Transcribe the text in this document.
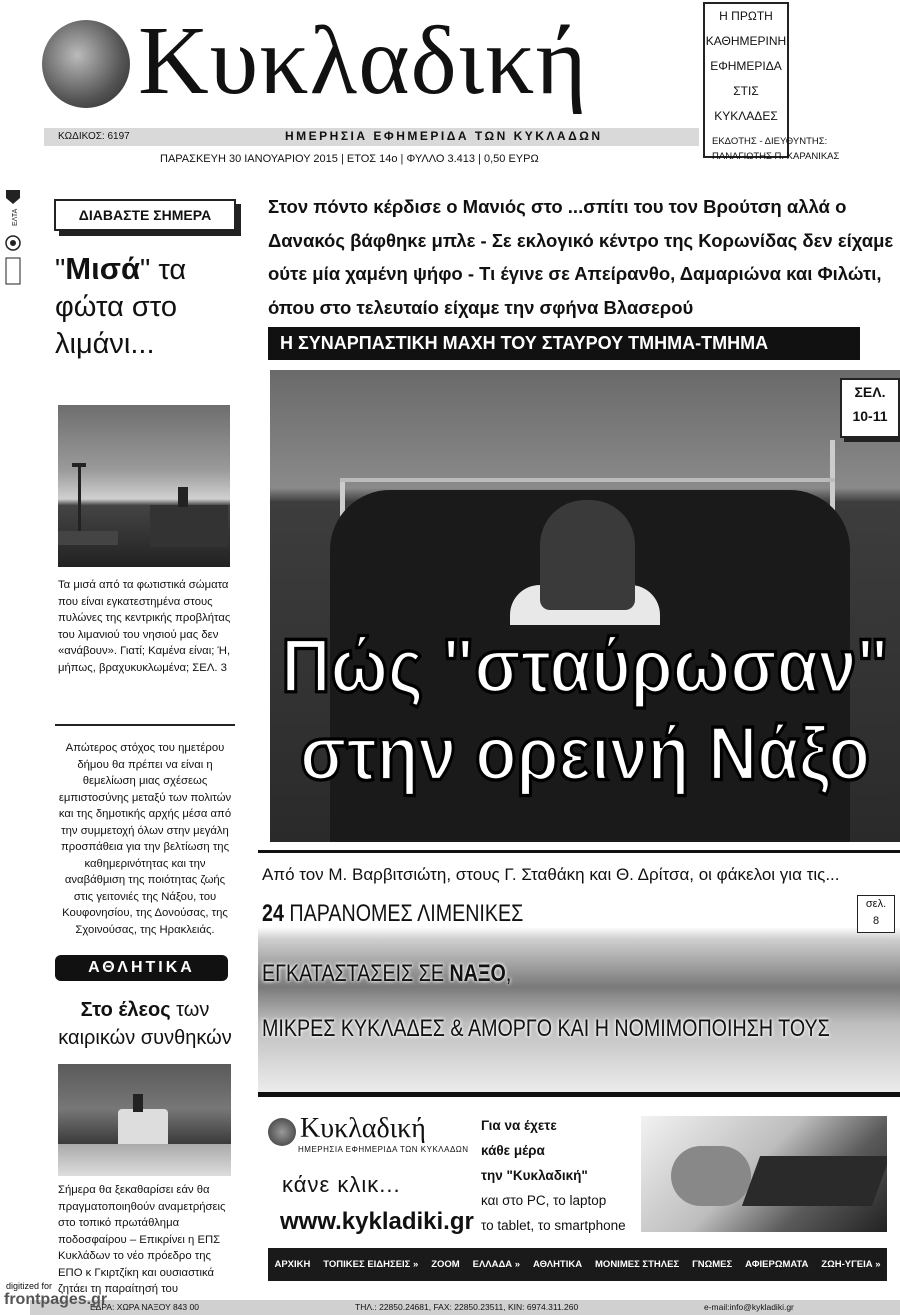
Κυκλαδική	Η ΠΡΩΤΗ
ΚΑΘΗΜΕΡΙΝΗ
ΕΦΗΜΕΡΙΔΑ
ΣΤΙΣ
ΚΥΚΛΑΔΕΣ
ΚΩΔΙΚΟΣ: 6197	ΗΜΕΡΗΣΙΑ ΕΦΗΜΕΡΙΔΑ ΤΩΝ ΚΥΚΛΑΔΩΝ
ΠΑΡΑΣΚΕΥΗ 30 ΙΑΝΟΥΑΡΙΟΥ 2015 | ΕΤΟΣ 14ο | ΦΥΛΛΟ 3.413 | 0,50 ΕΥΡΩ
ΕΚΔΟΤΗΣ - ΔΙΕΥΘΥΝΤΗΣ:
ΠΑΝΑΓΙΩΤΗΣ Π. ΚΑΡΑΝΙΚΑΣ
ΕΛΤΑ	ΔΙΑΒΑΣΤΕ ΣΗΜΕΡΑ
"Μισά" τα φώτα στο λιμάνι...
Τα μισά από τα φωτιστικά σώματα που είναι εγκατεστημένα στους πυλώνες της κεντρικής προβλήτας του λιμανιού του νησιού μας δεν «ανάβουν». Γιατί; Καμένα είναι; Ή, μήπως, βραχυκυκλωμένα; ΣΕΛ. 3
Απώτερος στόχος του ημετέρου δήμου θα πρέπει να είναι η θεμελίωση μιας σχέσεως εμπιστοσύνης μεταξύ των πολιτών και της δημοτικής αρχής μέσα από την συμμετοχή όλων στην μεγάλη προσπάθεια για την βελτίωση της καθημερινότητας και την αναβάθμιση της ποιότητας ζωής στις γειτονιές της Νάξου, του Κουφονησίου, της Δονούσας, της Σχοινούσας, της Ηρακλειάς.
ΑΘΛΗΤΙΚΑ
Στο έλεος των καιρικών συνθηκών
Σήμερα θα ξεκαθαρίσει εάν θα πραγματοποιηθούν αναμετρήσεις στο τοπικό πρωτάθλημα ποδοσφαίρου – Επικρίνει η ΕΠΣ Κυκλάδων το νέο πρόεδρο της ΕΠΟ κ Γκιρτζίκη και ουσιαστικά ζητάει τη παραίτησή του
Στον πόντο κέρδισε ο Μανιός στο ...σπίτι του τον Βρούτση αλλά ο Δανακός βάφθηκε μπλε - Σε εκλογικό κέντρο της Κορωνίδας δεν είχαμε ούτε μία χαμένη ψήφο - Τι έγινε σε Απείρανθο, Δαμαριώνα και Φιλώτι, όπου στο τελευταίο είχαμε την σφήνα Βλασερού
Η ΣΥΝΑΡΠΑΣΤΙΚΗ ΜΑΧΗ ΤΟΥ ΣΤΑΥΡΟΥ ΤΜΗΜΑ-ΤΜΗΜΑ
ΣΕΛ.
10-11
Πώς "σταύρωσαν"
στην ορεινή Νάξο
Από τον Μ. Βαρβιτσιώτη, στους Γ. Σταθάκη και Θ. Δρίτσα, οι φάκελοι για τις...
σελ.
8
24 ΠΑΡΑΝΟΜΕΣ ΛΙΜΕΝΙΚΕΣ
ΕΓΚΑΤΑΣΤΑΣΕΙΣ ΣΕ ΝΑΞΟ,
ΜΙΚΡΕΣ ΚΥΚΛΑΔΕΣ & ΑΜΟΡΓΟ ΚΑΙ Η ΝΟΜΙΜΟΠΟΙΗΣΗ ΤΟΥΣ
Κυκλαδική
ΗΜΕΡΗΣΙΑ ΕΦΗΜΕΡΙΔΑ ΤΩΝ ΚΥΚΛΑΔΩΝ
κάνε κλικ...
www.kykladiki.gr
Για να έχετε
κάθε μέρα
την "Κυκλαδική"
και στο PC, το laptop
το tablet, το smartphone
ΑΡΧΙΚΗ ΤΟΠΙΚΕΣ ΕΙΔΗΣΕΙΣ » ZOOM ΕΛΛΑΔΑ » ΑΘΛΗΤΙΚΑ ΜΟΝΙΜΕΣ ΣΤΗΛΕΣ ΓΝΩΜΕΣ ΑΦΙΕΡΩΜΑΤΑ ΖΩΗ-ΥΓΕΙΑ »
ΕΔΡΑ: ΧΩΡΑ ΝΑΞΟΥ 843 00	ΤΗΛ.: 22850.24681, FAX: 22850.23511, ΚΙΝ: 6974.311.260	e-mail:info@kykladiki.gr
digitized for
frontpages.gr
